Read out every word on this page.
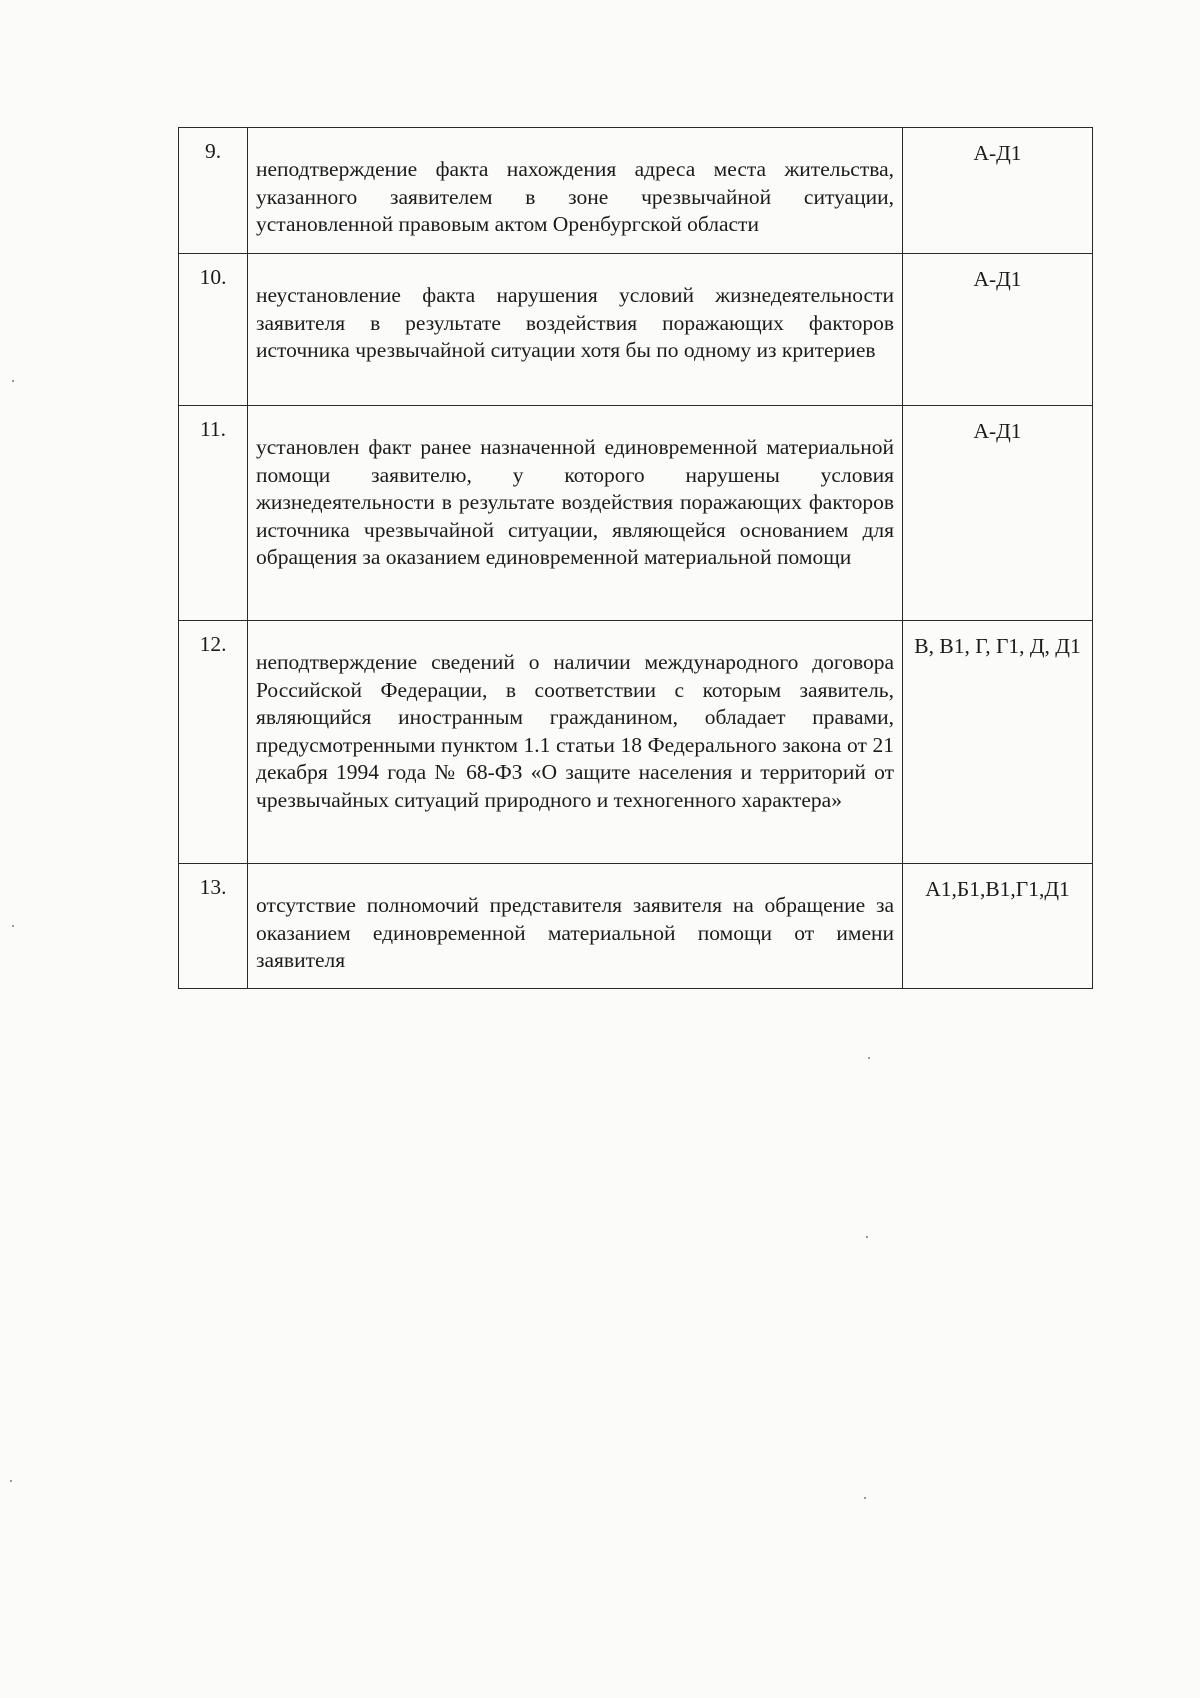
9.	неподтверждение факта нахождения адреса места жительства, указанного заявителем в зоне чрезвычайной ситуации, установленной правовым актом Оренбургской области	А-Д1
10.	неустановление факта нарушения условий жизнедеятельности заявителя в результате воздействия поражающих факторов источника чрезвычайной ситуации хотя бы по одному из критериев	А-Д1
11.	установлен факт ранее назначенной единовременной материальной помощи заявителю, у которого нарушены условия жизнедеятельности в результате воздействия поражающих факторов источника чрезвычайной ситуации, являющейся основанием для обращения за оказанием единовременной материальной помощи	А-Д1
12.	неподтверждение сведений о наличии международного договора Российской Федерации, в соответствии с которым заявитель, являющийся иностранным гражданином, обладает правами, предусмотренными пунктом 1.1 статьи 18 Федерального закона от 21 декабря 1994 года № 68-ФЗ «О защите населения и территорий от чрезвычайных ситуаций природного и техногенного характера»	В, В1, Г, Г1, Д, Д1
13.	отсутствие полномочий представителя заявителя на обращение за оказанием единовременной материальной помощи от имени заявителя	А1,Б1,В1,Г1,Д1
